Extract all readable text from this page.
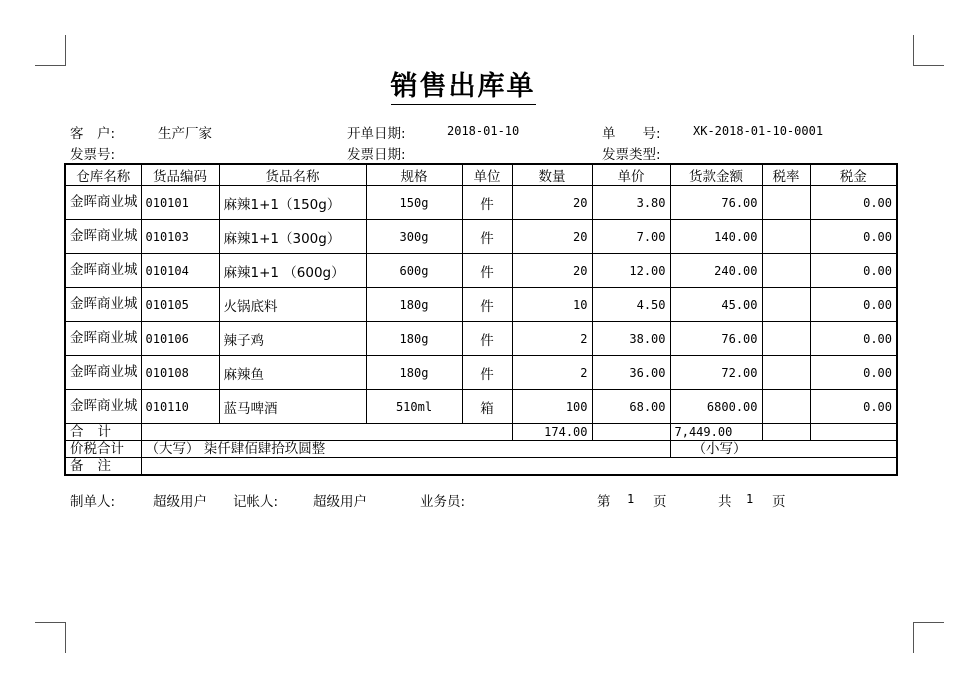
销售出库单
客　户:	生产厂家	开单日期:	2018-01-10	单　　号:	XK-2018-01-10-0001
发票号:	发票日期:	发票类型:
仓库名称	货品编码	货品名称	规格	单位	数量	单价	货款金额	税率	税金
金晖商业城	010101	麻辣1+1（150g）	150g	件	20	3.80	76.00		0.00
金晖商业城	010103	麻辣1+1（300g）	300g	件	20	7.00	140.00		0.00
金晖商业城	010104	麻辣1+1 （600g）	600g	件	20	12.00	240.00		0.00
金晖商业城	010105	火锅底料	180g	件	10	4.50	45.00		0.00
金晖商业城	010106	辣子鸡	180g	件	2	38.00	76.00		0.00
金晖商业城	010108	麻辣鱼	180g	件	2	36.00	72.00		0.00
金晖商业城	010110	蓝马啤酒	510ml	箱	100	68.00	6800.00		0.00
合计					174.00		7,449.00		
价税合计	（大写） 柒仟肆佰肆拾玖圆整						（小写）		
备注									
制单人:	超级用户 记帐人:	超级用户	业务员:	第 1 页	共 1 页
